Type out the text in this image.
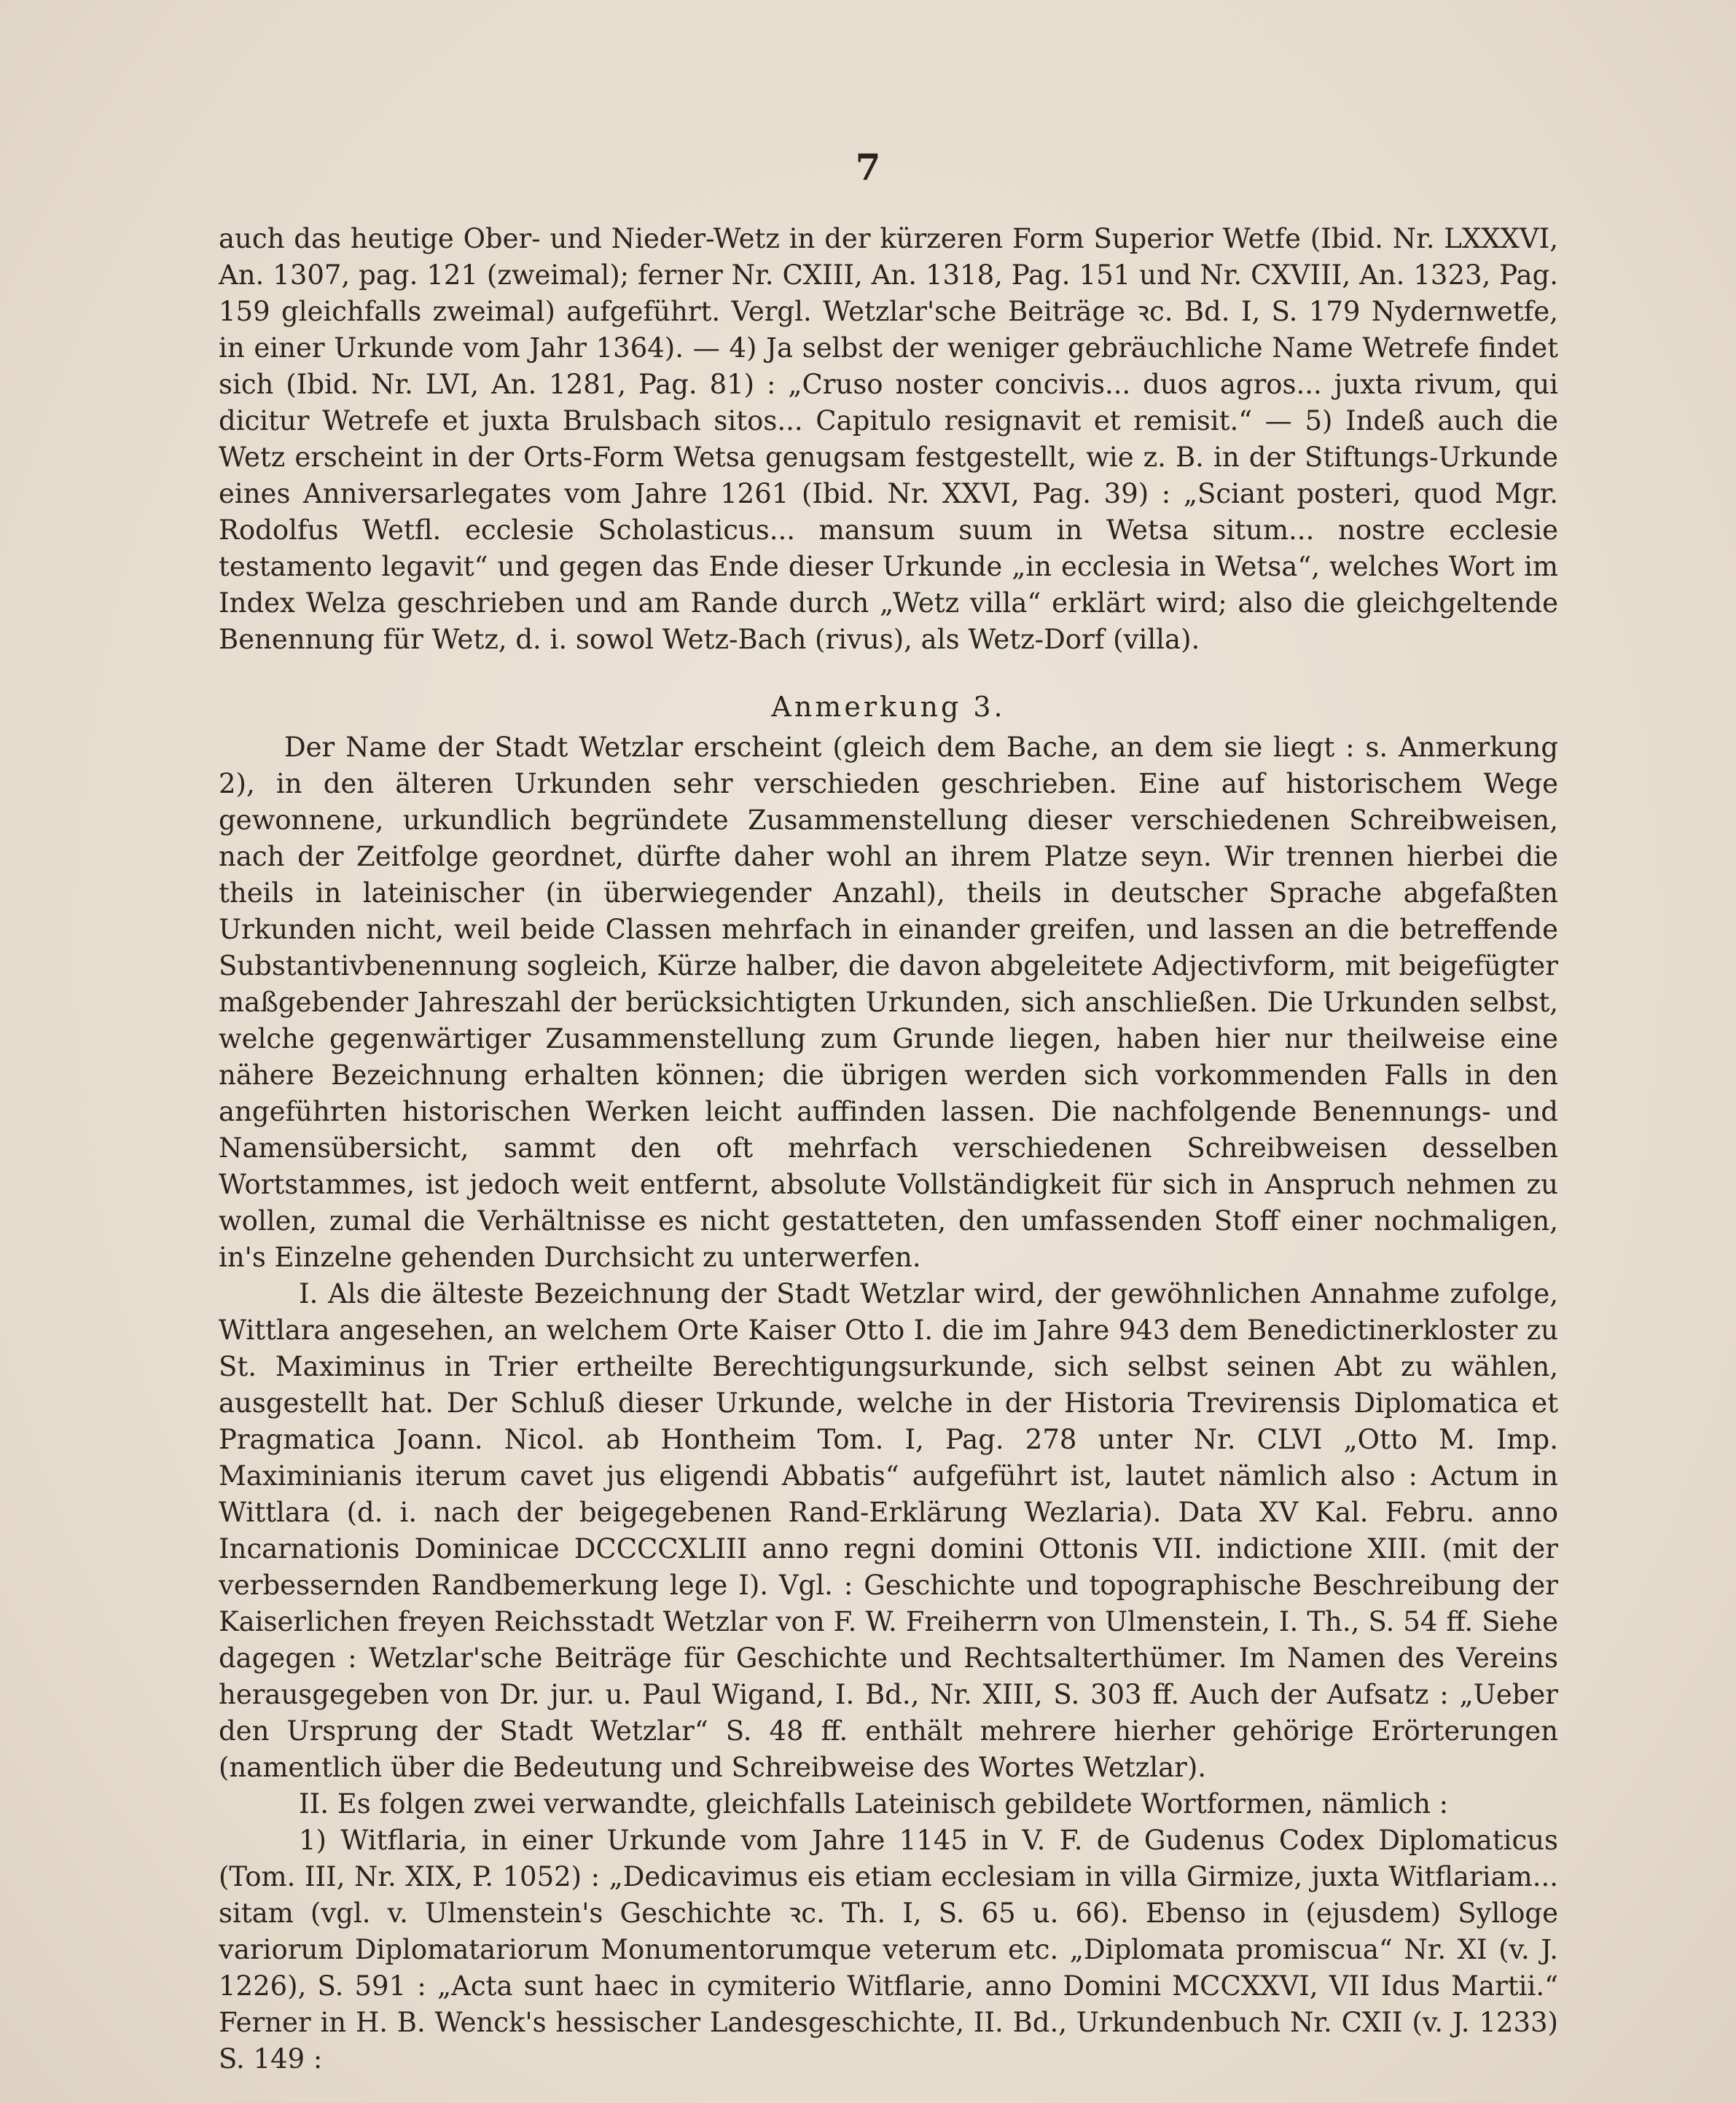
7

auch das heutige Ober- und Nieder-Wetz in der kürzeren Form Superior Wetfe (Ibid. Nr. LXXXVI, An. 1307, pag. 121 (zweimal); ferner Nr. CXIII, An. 1318, Pag. 151 und Nr. CXVIII, An. 1323, Pag. 159 gleichfalls zweimal) aufgeführt. Vergl. Wetzlar'sche Beiträge ꝛc. Bd. I, S. 179 Nydernwetfe, in einer Urkunde vom Jahr 1364). — 4) Ja selbst der weniger gebräuchliche Name Wetrefe findet sich (Ibid. Nr. LVI, An. 1281, Pag. 81) : „Cruso noster concivis... duos agros... juxta rivum, qui dicitur Wetrefe et juxta Brulsbach sitos... Capitulo resignavit et remisit.“ — 5) Indeß auch die Wetz erscheint in der Orts-Form Wetsa genugsam festgestellt, wie z. B. in der Stiftungs-Urkunde eines Anniversarlegates vom Jahre 1261 (Ibid. Nr. XXVI, Pag. 39) : „Sciant posteri, quod Mgr. Rodolfus Wetfl. ecclesie Scholasticus... mansum suum in Wetsa situm... nostre ecclesie testamento legavit“ und gegen das Ende dieser Urkunde „in ecclesia in Wetsa“, welches Wort im Index Welza geschrieben und am Rande durch „Wetz villa“ erklärt wird; also die gleichgeltende Benennung für Wetz, d. i. sowol Wetz-Bach (rivus), als Wetz-Dorf (villa).

Anmerkung 3.

Der Name der Stadt Wetzlar erscheint (gleich dem Bache, an dem sie liegt : s. Anmerkung 2), in den älteren Urkunden sehr verschieden geschrieben. Eine auf historischem Wege gewonnene, urkundlich begründete Zusammenstellung dieser verschiedenen Schreibweisen, nach der Zeitfolge geordnet, dürfte daher wohl an ihrem Platze seyn. Wir trennen hierbei die theils in lateinischer (in überwiegender Anzahl), theils in deutscher Sprache abgefaßten Urkunden nicht, weil beide Classen mehrfach in einander greifen, und lassen an die betreffende Substantivbenennung sogleich, Kürze halber, die davon abgeleitete Adjectivform, mit beigefügter maßgebender Jahreszahl der berücksichtigten Urkunden, sich anschließen. Die Urkunden selbst, welche gegenwärtiger Zusammenstellung zum Grunde liegen, haben hier nur theilweise eine nähere Bezeichnung erhalten können; die übrigen werden sich vorkommenden Falls in den angeführten historischen Werken leicht auffinden lassen. Die nachfolgende Benennungs- und Namensübersicht, sammt den oft mehrfach verschiedenen Schreibweisen desselben Wortstammes, ist jedoch weit entfernt, absolute Vollständigkeit für sich in Anspruch nehmen zu wollen, zumal die Verhältnisse es nicht gestatteten, den umfassenden Stoff einer nochmaligen, in's Einzelne gehenden Durchsicht zu unterwerfen.

I. Als die älteste Bezeichnung der Stadt Wetzlar wird, der gewöhnlichen Annahme zufolge, Wittlara angesehen, an welchem Orte Kaiser Otto I. die im Jahre 943 dem Benedictinerkloster zu St. Maximinus in Trier ertheilte Berechtigungsurkunde, sich selbst seinen Abt zu wählen, ausgestellt hat. Der Schluß dieser Urkunde, welche in der Historia Trevirensis Diplomatica et Pragmatica Joann. Nicol. ab Hontheim Tom. I, Pag. 278 unter Nr. CLVI „Otto M. Imp. Maximinianis iterum cavet jus eligendi Abbatis“ aufgeführt ist, lautet nämlich also : Actum in Wittlara (d. i. nach der beigegebenen Rand-Erklärung Wezlaria). Data XV Kal. Febru. anno Incarnationis Dominicae DCCCCXLIII anno regni domini Ottonis VII. indictione XIII. (mit der verbessernden Randbemerkung lege I). Vgl. : Geschichte und topographische Beschreibung der Kaiserlichen freyen Reichsstadt Wetzlar von F. W. Freiherrn von Ulmenstein, I. Th., S. 54 ff. Siehe dagegen : Wetzlar'sche Beiträge für Geschichte und Rechtsalterthümer. Im Namen des Vereins herausgegeben von Dr. jur. u. Paul Wigand, I. Bd., Nr. XIII, S. 303 ff. Auch der Aufsatz : „Ueber den Ursprung der Stadt Wetzlar“ S. 48 ff. enthält mehrere hierher gehörige Erörterungen (namentlich über die Bedeutung und Schreibweise des Wortes Wetzlar).

II. Es folgen zwei verwandte, gleichfalls Lateinisch gebildete Wortformen, nämlich :

1) Witflaria, in einer Urkunde vom Jahre 1145 in V. F. de Gudenus Codex Diplomaticus (Tom. III, Nr. XIX, P. 1052) : „Dedicavimus eis etiam ecclesiam in villa Girmize, juxta Witflariam... sitam (vgl. v. Ulmenstein's Geschichte ꝛc. Th. I, S. 65 u. 66). Ebenso in (ejusdem) Sylloge variorum Diplomatariorum Monumentorumque veterum etc. „Diplomata promiscua“ Nr. XI (v. J. 1226), S. 591 : „Acta sunt haec in cymiterio Witflarie, anno Domini MCCXXVI, VII Idus Martii.“ Ferner in H. B. Wenck's hessischer Landesgeschichte, II. Bd., Urkundenbuch Nr. CXII (v. J. 1233) S. 149 :
